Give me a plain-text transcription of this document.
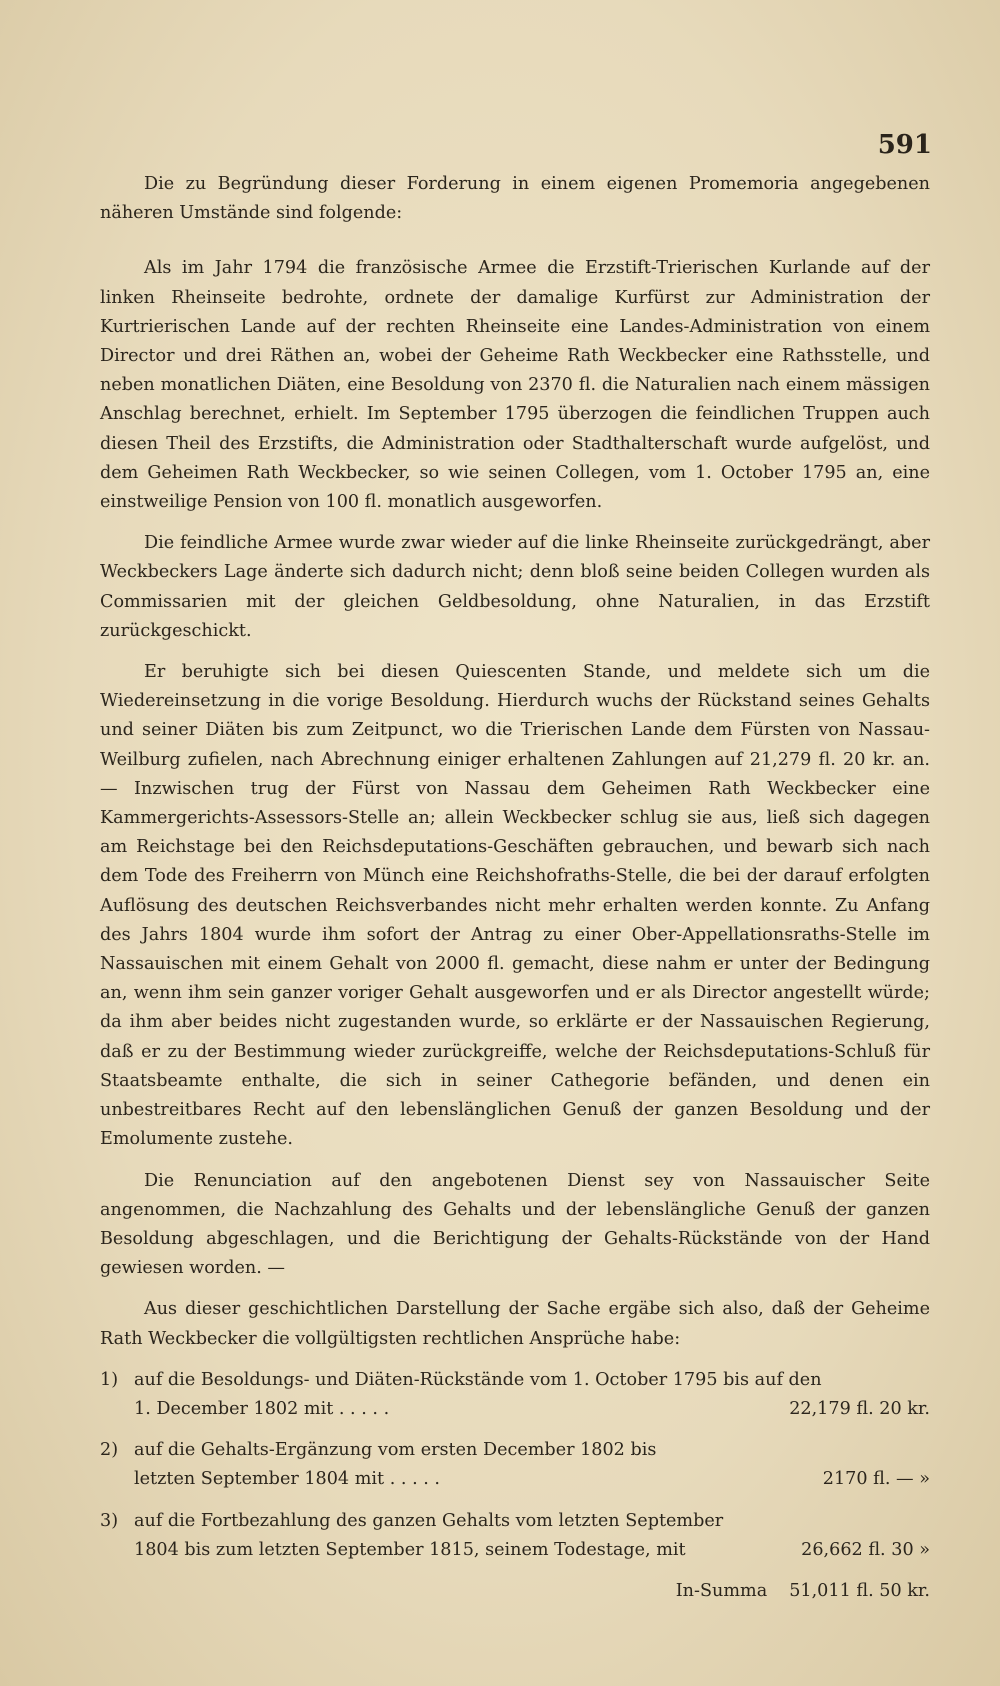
591

Die zu Begründung dieser Forderung in einem eigenen Promemoria angegebenen näheren Umstände sind folgende:

Als im Jahr 1794 die französische Armee die Erzstift-Trierischen Kurlande auf der linken Rheinseite bedrohte, ordnete der damalige Kurfürst zur Administration der Kurtrierischen Lande auf der rechten Rheinseite eine Landes-Administration von einem Director und drei Räthen an, wobei der Geheime Rath Weckbecker eine Rathsstelle, und neben monatlichen Diäten, eine Besoldung von 2370 fl. die Naturalien nach einem mässigen Anschlag berechnet, erhielt. Im September 1795 überzogen die feindlichen Truppen auch diesen Theil des Erzstifts, die Administration oder Stadthalterschaft wurde aufgelöst, und dem Geheimen Rath Weckbecker, so wie seinen Collegen, vom 1. October 1795 an, eine einstweilige Pension von 100 fl. monatlich ausgeworfen.

Die feindliche Armee wurde zwar wieder auf die linke Rheinseite zurückgedrängt, aber Weckbeckers Lage änderte sich dadurch nicht; denn bloß seine beiden Collegen wurden als Commissarien mit der gleichen Geldbesoldung, ohne Naturalien, in das Erzstift zurückgeschickt.

Er beruhigte sich bei diesen Quiescenten Stande, und meldete sich um die Wiedereinsetzung in die vorige Besoldung. Hierdurch wuchs der Rückstand seines Gehalts und seiner Diäten bis zum Zeitpunct, wo die Trierischen Lande dem Fürsten von Nassau-Weilburg zufielen, nach Abrechnung einiger erhaltenen Zahlungen auf 21,279 fl. 20 kr. an. — Inzwischen trug der Fürst von Nassau dem Geheimen Rath Weckbecker eine Kammergerichts-Assessors-Stelle an; allein Weckbecker schlug sie aus, ließ sich dagegen am Reichstage bei den Reichsdeputations-Geschäften gebrauchen, und bewarb sich nach dem Tode des Freiherrn von Münch eine Reichshofraths-Stelle, die bei der darauf erfolgten Auflösung des deutschen Reichsverbandes nicht mehr erhalten werden konnte. Zu Anfang des Jahrs 1804 wurde ihm sofort der Antrag zu einer Ober-Appellationsraths-Stelle im Nassauischen mit einem Gehalt von 2000 fl. gemacht, diese nahm er unter der Bedingung an, wenn ihm sein ganzer voriger Gehalt ausgeworfen und er als Director angestellt würde; da ihm aber beides nicht zugestanden wurde, so erklärte er der Nassauischen Regierung, daß er zu der Bestimmung wieder zurückgreiffe, welche der Reichsdeputations-Schluß für Staatsbeamte enthalte, die sich in seiner Cathegorie befänden, und denen ein unbestreitbares Recht auf den lebenslänglichen Genuß der ganzen Besoldung und der Emolumente zustehe.

Die Renunciation auf den angebotenen Dienst sey von Nassauischer Seite angenommen, die Nachzahlung des Gehalts und der lebenslängliche Genuß der ganzen Besoldung abgeschlagen, und die Berichtigung der Gehalts-Rückstände von der Hand gewiesen worden. —

Aus dieser geschichtlichen Darstellung der Sache ergäbe sich also, daß der Geheime Rath Weckbecker die vollgültigsten rechtlichen Ansprüche habe:

1) auf die Besoldungs- und Diäten-Rückstände vom 1. October 1795 bis auf den
1. December 1802 mit . . . . .	22,179 fl. 20 kr.
2) auf die Gehalts-Ergänzung vom ersten December 1802 bis
letzten September 1804 mit . . . . .	2170 fl. — »
3) auf die Fortbezahlung des ganzen Gehalts vom letzten September
1804 bis zum letzten September 1815, seinem Todestage, mit	26,662 fl. 30 »
In-Summa 51,011 fl. 50 kr.
